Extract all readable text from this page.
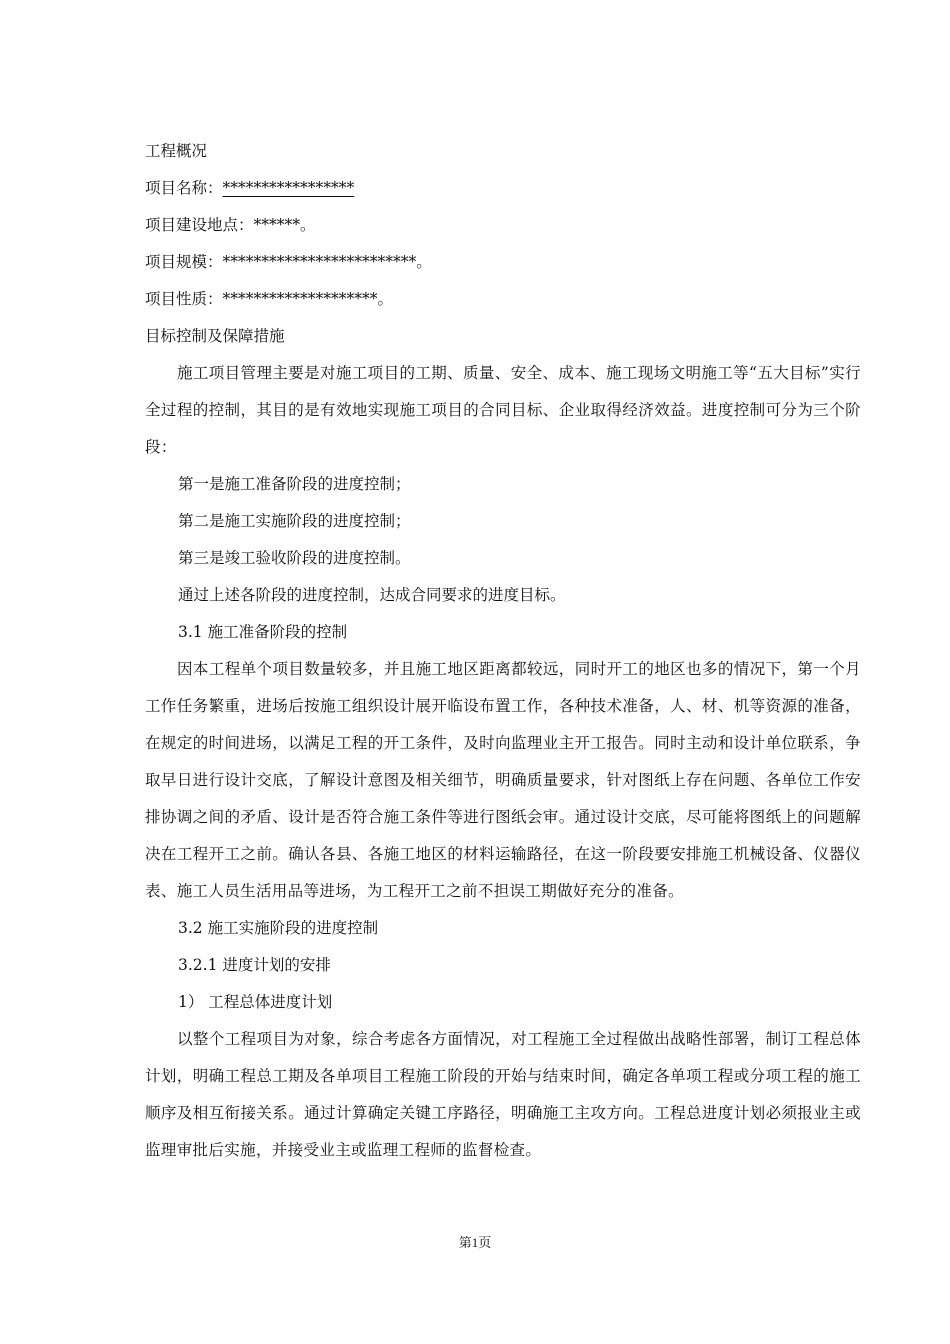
工程概况

项目名称：*****************

项目建设地点：******。

项目规模：*************************。

项目性质：********************。

目标控制及保障措施

施工项目管理主要是对施工项目的工期、质量、安全、成本、施工现场文明施工等“五大目标”实行全过程的控制，其目的是有效地实现施工项目的合同目标、企业取得经济效益。进度控制可分为三个阶段：

第一是施工准备阶段的进度控制；

第二是施工实施阶段的进度控制；

第三是竣工验收阶段的进度控制。

通过上述各阶段的进度控制，达成合同要求的进度目标。

3.1 施工准备阶段的控制

因本工程单个项目数量较多，并且施工地区距离都较远，同时开工的地区也多的情况下，第一个月工作任务繁重，进场后按施工组织设计展开临设布置工作，各种技术准备，人、材、机等资源的准备，在规定的时间进场，以满足工程的开工条件，及时向监理业主开工报告。同时主动和设计单位联系，争取早日进行设计交底，了解设计意图及相关细节，明确质量要求，针对图纸上存在问题、各单位工作安排协调之间的矛盾、设计是否符合施工条件等进行图纸会审。通过设计交底，尽可能将图纸上的问题解决在工程开工之前。确认各县、各施工地区的材料运输路径，在这一阶段要安排施工机械设备、仪器仪表、施工人员生活用品等进场，为工程开工之前不担误工期做好充分的准备。

3.2 施工实施阶段的进度控制

3.2.1 进度计划的安排

1） 工程总体进度计划

以整个工程项目为对象，综合考虑各方面情况，对工程施工全过程做出战略性部署，制订工程总体计划，明确工程总工期及各单项目工程施工阶段的开始与结束时间，确定各单项工程或分项工程的施工顺序及相互衔接关系。通过计算确定关键工序路径，明确施工主攻方向。工程总进度计划必须报业主或监理审批后实施，并接受业主或监理工程师的监督检查。

第1页
